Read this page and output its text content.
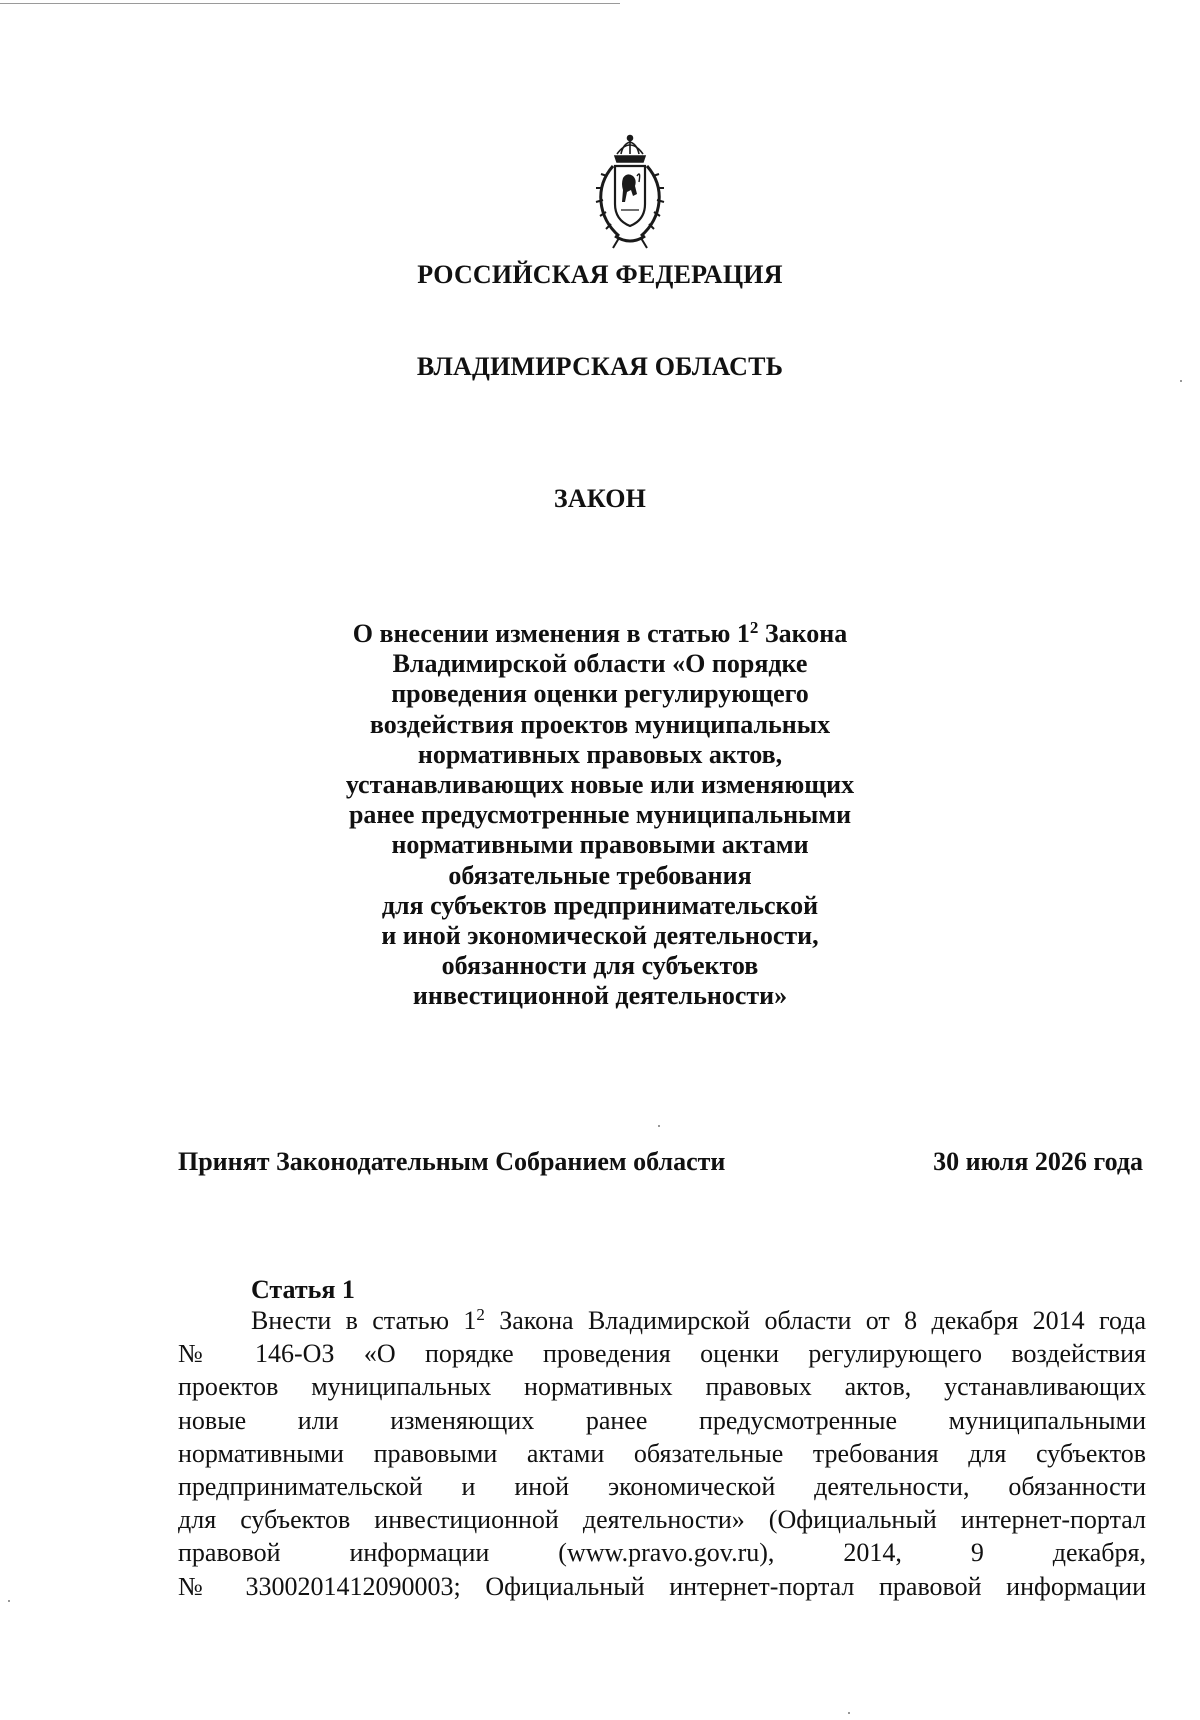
РОССИЙСКАЯ ФЕДЕРАЦИЯ
ВЛАДИМИРСКАЯ ОБЛАСТЬ
ЗАКОН
О внесении изменения в статью $1^2$ Закона
Владимирской области «О порядке
проведения оценки регулирующего
воздействия проектов муниципальных
нормативных правовых актов,
устанавливающих новые или изменяющих
ранее предусмотренные муниципальными
нормативными правовыми актами
обязательные требования
для субъектов предпринимательской
и иной экономической деятельности,
обязанности для субъектов
инвестиционной деятельности»
Принят Законодательным Собранием области	30 июля 2026 года
Статья 1
Внести в статью $1^2$ Закона Владимирской области от 8 декабря 2014 года
№ 146-ОЗ «О порядке проведения оценки регулирующего воздействия
проектов муниципальных нормативных правовых актов, устанавливающих
новые или изменяющих ранее предусмотренные муниципальными
нормативными правовыми актами обязательные требования для субъектов
предпринимательской и иной экономической деятельности, обязанности
для субъектов инвестиционной деятельности» (Официальный интернет-портал
правовой информации (www.pravo.gov.ru), 2014, 9 декабря,
№ 3300201412090003; Официальный интернет-портал правовой информации
